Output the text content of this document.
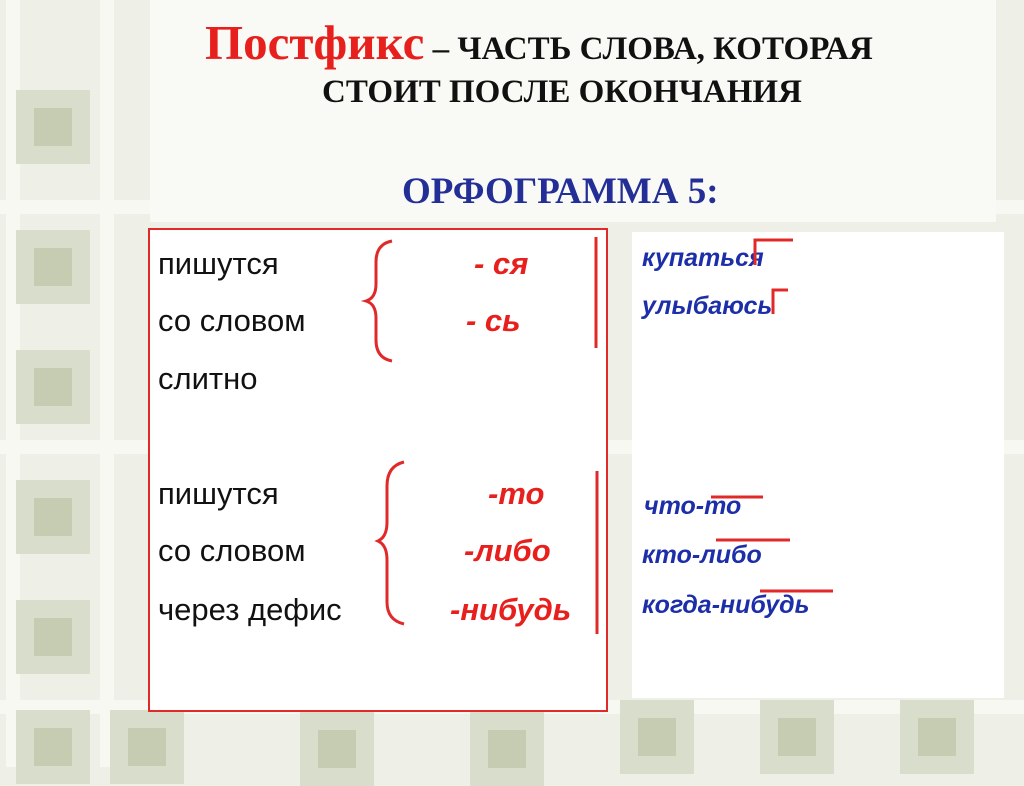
Постфикс – ЧАСТЬ СЛОВА, КОТОРАЯ
СТОИТ ПОСЛЕ ОКОНЧАНИЯ
ОРФОГРАММА 5:
пишутся
со словом
слитно
- ся
- сь
пишутся
со словом
через дефис
-то
-либо
-нибудь
купаться
улыбаюсь
что-то
кто-либо
когда-нибудь
